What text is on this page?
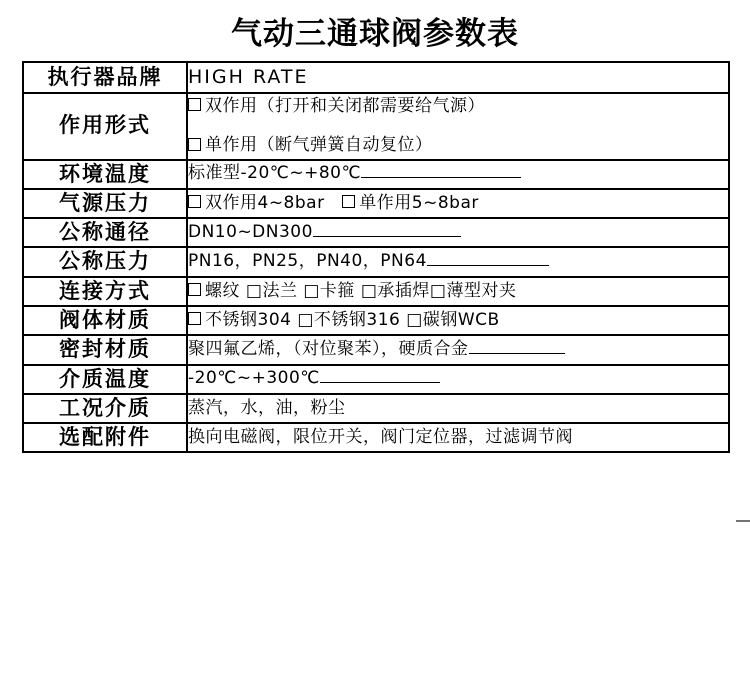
气动三通球阀参数表
执行器品牌	HIGH RATE

作用形式	双作用（打开和关闭都需要给气源）
单作用（断气弹簧自动复位）

环境温度	标准型-20℃~+80℃

气源压力	双作用4~8bar 单作用5~8bar

公称通径	DN10~DN300

公称压力	PN16，PN25，PN40，PN64

连接方式	螺纹 □法兰 □卡箍 □承插焊□薄型对夹

阀体材质	不锈钢304 □不锈钢316 □碳钢WCB

密封材质	聚四氟乙烯，（对位聚苯），硬质合金

介质温度	-20℃~+300℃

工况介质	蒸汽，水，油，粉尘

选配附件	换向电磁阀，限位开关，阀门定位器，过滤调节阀
